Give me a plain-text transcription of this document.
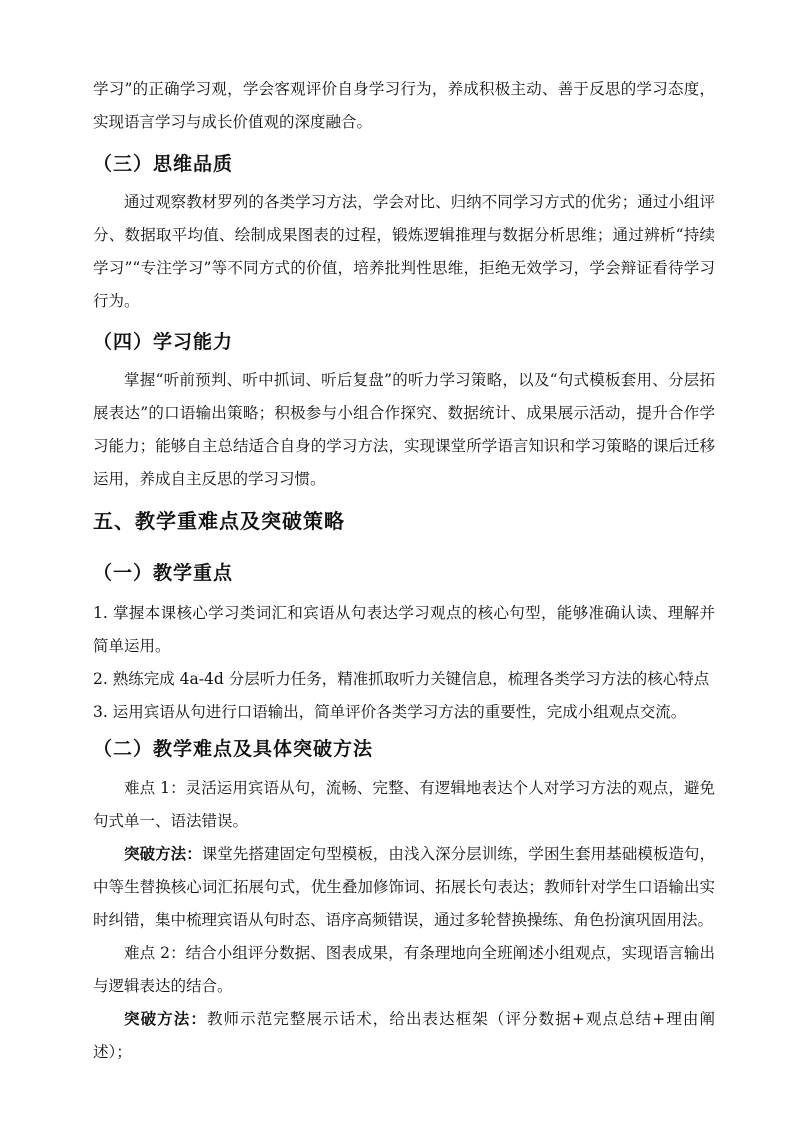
学习”的正确学习观，学会客观评价自身学习行为，养成积极主动、善于反思的学习态度，实现语言学习与成长价值观的深度融合。

（三）思维品质

通过观察教材罗列的各类学习方法，学会对比、归纳不同学习方式的优劣；通过小组评分、数据取平均值、绘制成果图表的过程，锻炼逻辑推理与数据分析思维；通过辨析“持续学习”“专注学习”等不同方式的价值，培养批判性思维，拒绝无效学习，学会辩证看待学习行为。

（四）学习能力

掌握“听前预判、听中抓词、听后复盘”的听力学习策略，以及“句式模板套用、分层拓展表达”的口语输出策略；积极参与小组合作探究、数据统计、成果展示活动，提升合作学习能力；能够自主总结适合自身的学习方法，实现课堂所学语言知识和学习策略的课后迁移运用，养成自主反思的学习习惯。

五、教学重难点及突破策略
（一）教学重点

1. 掌握本课核心学习类词汇和宾语从句表达学习观点的核心句型，能够准确认读、理解并简单运用。

2. 熟练完成 4a-4d 分层听力任务，精准抓取听力关键信息，梳理各类学习方法的核心特点

3. 运用宾语从句进行口语输出，简单评价各类学习方法的重要性，完成小组观点交流。

（二）教学难点及具体突破方法

难点 1：灵活运用宾语从句，流畅、完整、有逻辑地表达个人对学习方法的观点，避免句式单一、语法错误。

突破方法：课堂先搭建固定句型模板，由浅入深分层训练，学困生套用基础模板造句，中等生替换核心词汇拓展句式，优生叠加修饰词、拓展长句表达；教师针对学生口语输出实时纠错，集中梳理宾语从句时态、语序高频错误，通过多轮替换操练、角色扮演巩固用法。

难点 2：结合小组评分数据、图表成果，有条理地向全班阐述小组观点，实现语言输出与逻辑表达的结合。

突破方法：教师示范完整展示话术，给出表达框架（评分数据+观点总结+理由阐述）；
